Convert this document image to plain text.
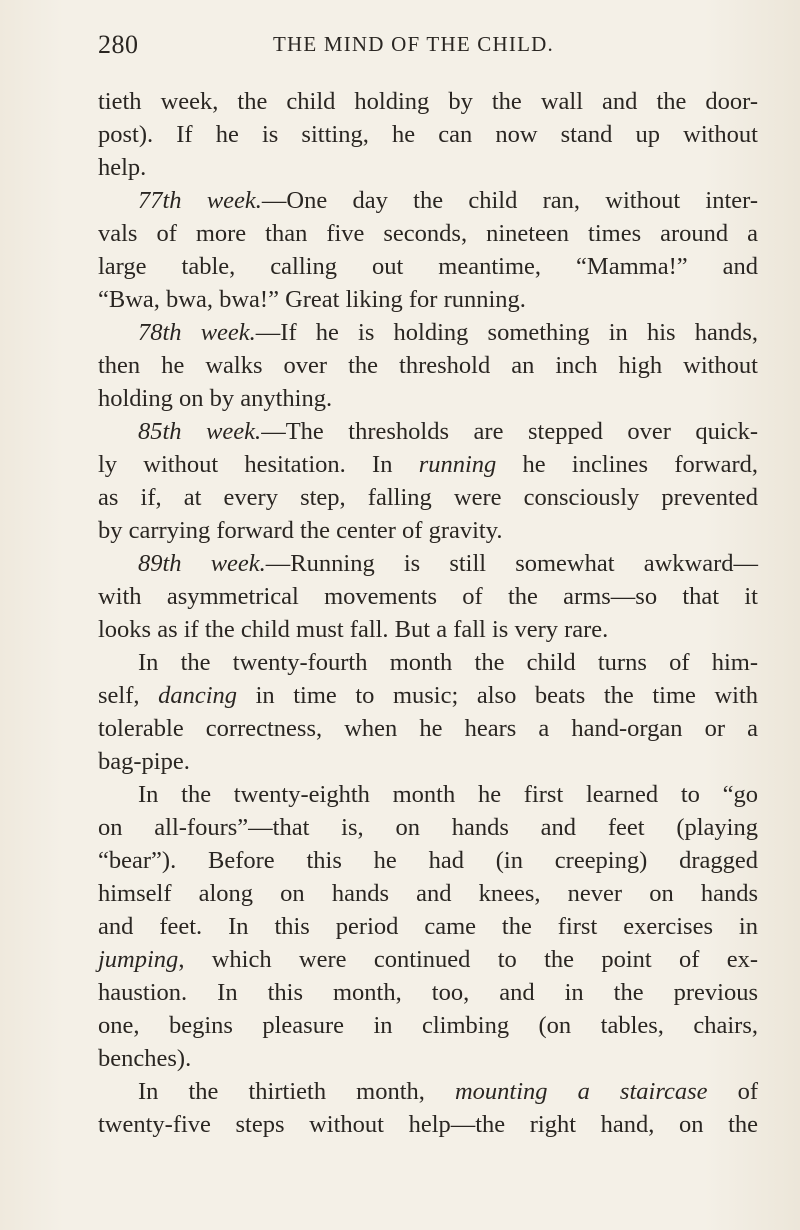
280	THE MIND OF THE CHILD.
tieth week, the child holding by the wall and the door-
post). If he is sitting, he can now stand up without
help.
77th week.—One day the child ran, without inter-
vals of more than five seconds, nineteen times around a
large table, calling out meantime, “Mamma!” and
“Bwa, bwa, bwa!” Great liking for running.
78th week.—If he is holding something in his hands,
then he walks over the threshold an inch high without
holding on by anything.
85th week.—The thresholds are stepped over quick-
ly without hesitation. In running he inclines forward,
as if, at every step, falling were consciously prevented
by carrying forward the center of gravity.
89th week.—Running is still somewhat awkward—
with asymmetrical movements of the arms—so that it
looks as if the child must fall. But a fall is very rare.
In the twenty-fourth month the child turns of him-
self, dancing in time to music; also beats the time with
tolerable correctness, when he hears a hand-organ or a
bag-pipe.
In the twenty-eighth month he first learned to “go
on all-fours”—that is, on hands and feet (playing
“bear”). Before this he had (in creeping) dragged
himself along on hands and knees, never on hands
and feet. In this period came the first exercises in
jumping, which were continued to the point of ex-
haustion. In this month, too, and in the previous
one, begins pleasure in climbing (on tables, chairs,
benches).
In the thirtieth month, mounting a staircase of
twenty-five steps without help—the right hand, on the
